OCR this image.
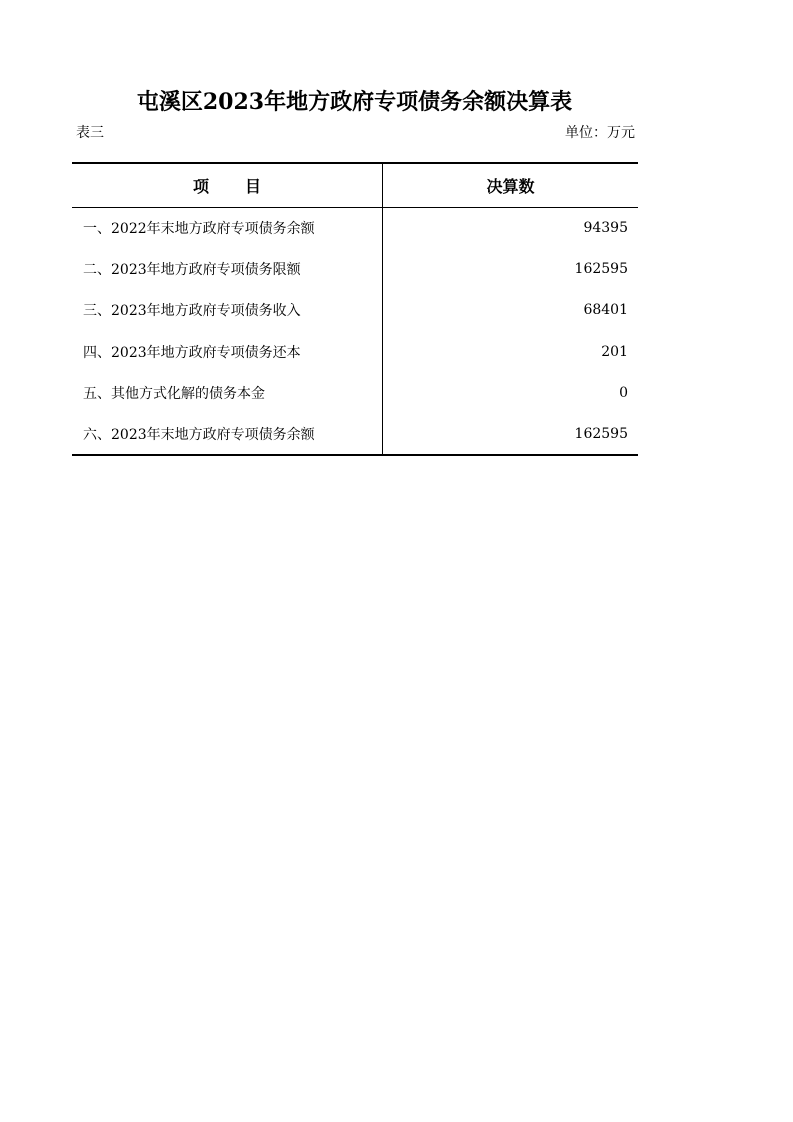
屯溪区2023年地方政府专项债务余额决算表
表三	单位：万元
项 目	决算数
一、2022年末地方政府专项债务余额	94395
二、2023年地方政府专项债务限额	162595
三、2023年地方政府专项债务收入	68401
四、2023年地方政府专项债务还本	201
五、其他方式化解的债务本金	0
六、2023年末地方政府专项债务余额	162595
